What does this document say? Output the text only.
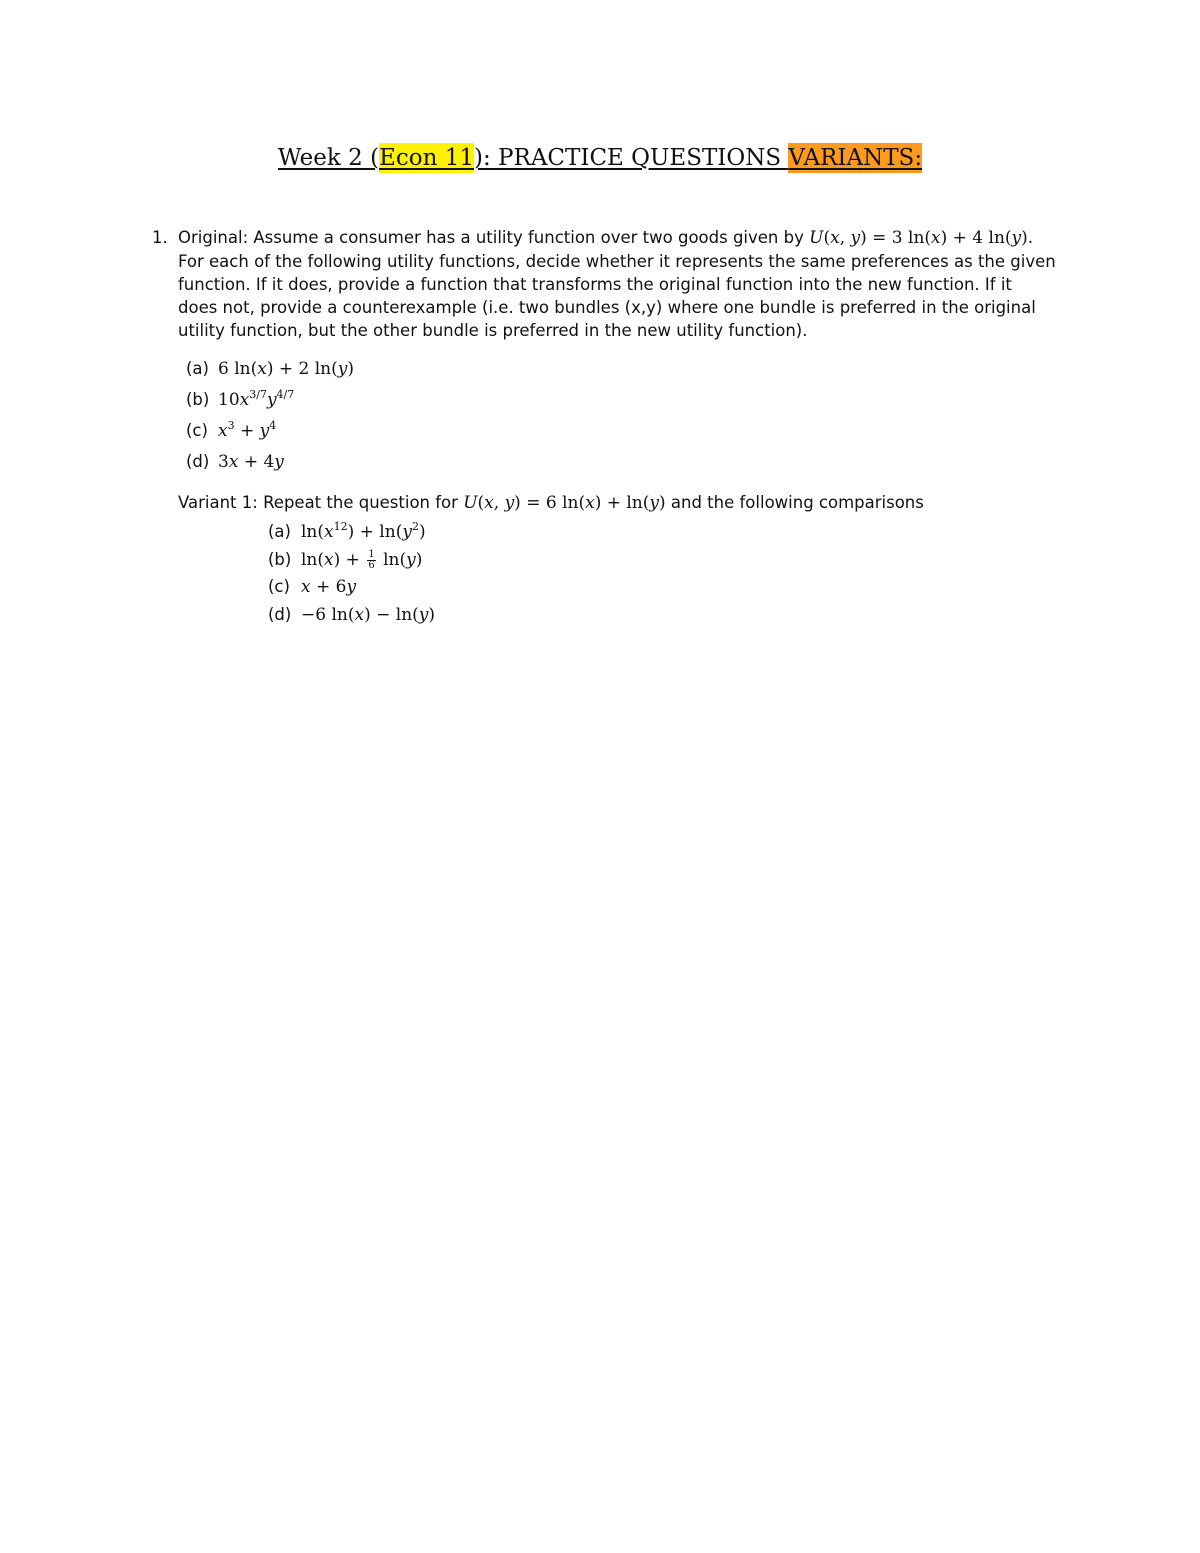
Week 2 (Econ 11): PRACTICE QUESTIONS VARIANTS:
1. Original: Assume a consumer has a utility function over two goods given by U(x, y) = 3 ln(x) + 4 ln(y).
For each of the following utility functions, decide whether it represents the same preferences as the given
function. If it does, provide a function that transforms the original function into the new function. If it
does not, provide a counterexample (i.e. two bundles (x,y) where one bundle is preferred in the original
utility function, but the other bundle is preferred in the new utility function).
(a) 6 ln(x) + 2 ln(y)
(b) $10x^{3/7}y^{4/7}$
(c) $x^3 + y^4$
(d) 3x + 4y
Variant 1: Repeat the question for U(x, y) = 6 ln(x) + ln(y) and the following comparisons
(a) $\ln(x^{12}) + \ln(y^2)$
(b) $\ln(x) + \frac{1}{6} \ln(y)$
(c) x + 6y
(d) −6 ln(x) − ln(y)
